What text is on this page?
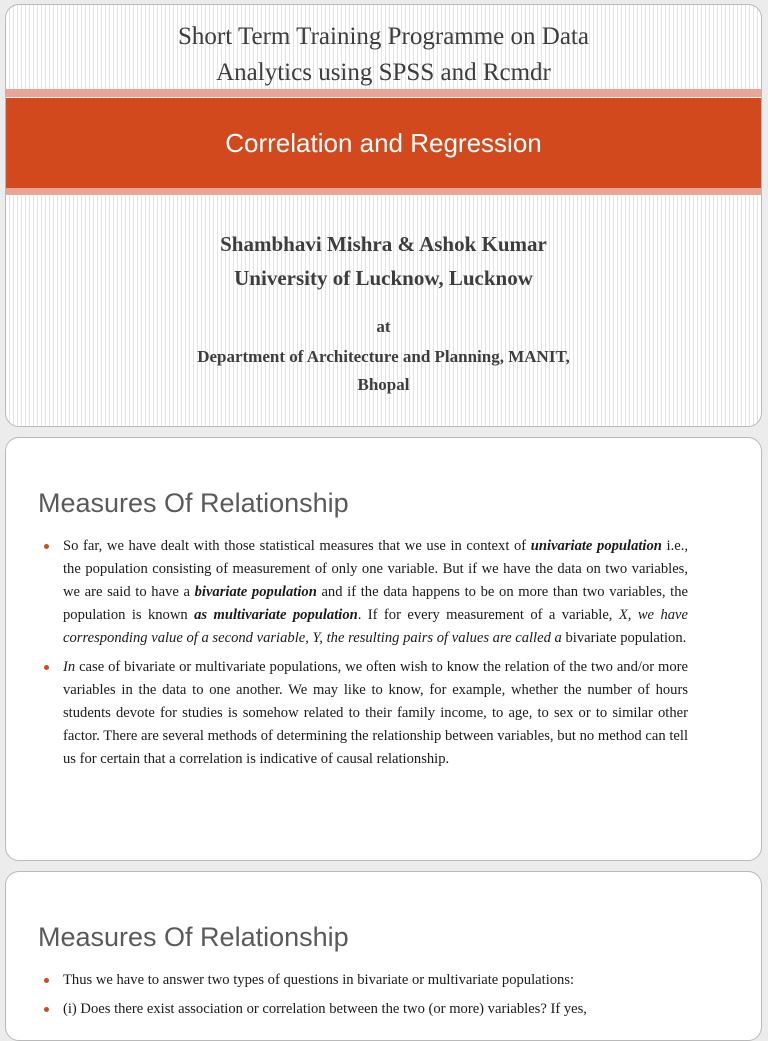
Short Term Training Programme on Data
Analytics using SPSS and Rcmdr
Correlation and Regression
Shambhavi Mishra & Ashok Kumar
University of Lucknow, Lucknow
at
Department of Architecture and Planning, MANIT,
Bhopal
Measures Of Relationship
So far, we have dealt with those statistical measures that we use in context of univariate population i.e., the population consisting of measurement of only one variable. But if we have the data on two variables, we are said to have a bivariate population and if the data happens to be on more than two variables, the population is known as multivariate population. If for every measurement of a variable, X, we have corresponding value of a second variable, Y, the resulting pairs of values are called a bivariate population.
In case of bivariate or multivariate populations, we often wish to know the relation of the two and/or more variables in the data to one another. We may like to know, for example, whether the number of hours students devote for studies is somehow related to their family income, to age, to sex or to similar other factor. There are several methods of determining the relationship between variables, but no method can tell us for certain that a correlation is indicative of causal relationship.
Measures Of Relationship
Thus we have to answer two types of questions in bivariate or multivariate populations:
(i) Does there exist association or correlation between the two (or more) variables? If yes,
